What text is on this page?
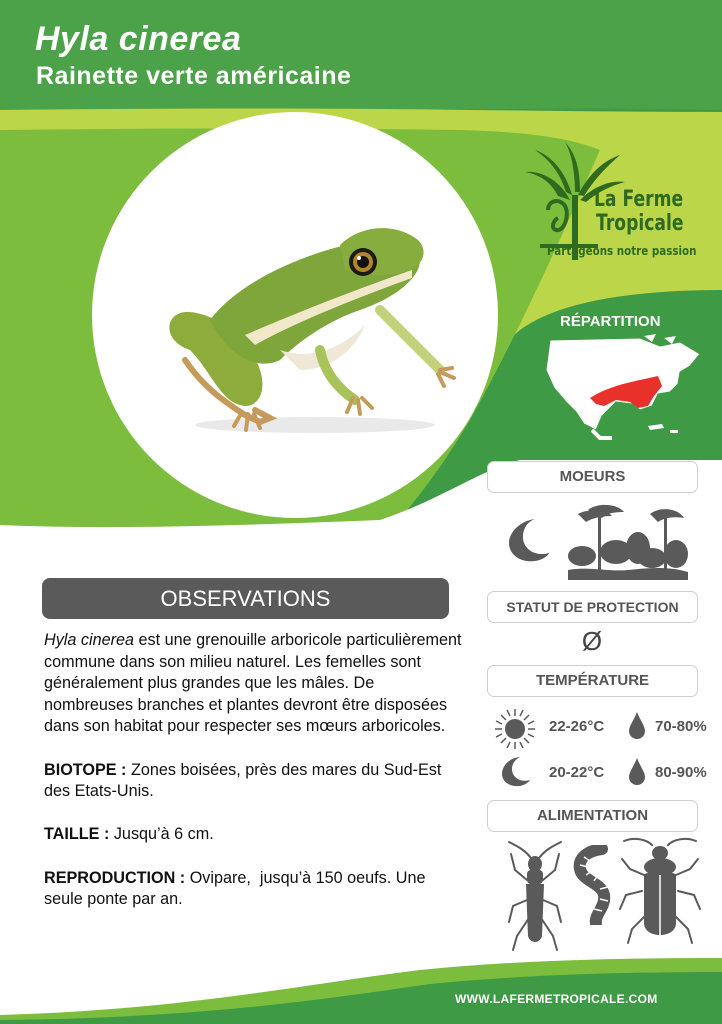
Hyla cinerea
Rainette verte américaine
La Ferme
Tropicale
Partageons notre passion
RÉPARTITION
MOEURS
STATUT DE PROTECTION
Ø
TEMPÉRATURE
22-26°C	70-80%
20-22°C	80-90%
ALIMENTATION
OBSERVATIONS

Hyla cinerea est une grenouille arboricole particulièrement commune dans son milieu naturel. Les femelles sont généralement plus grandes que les mâles. De nombreuses branches et plantes devront être disposées dans son habitat pour respecter ses mœurs arboricoles.

BIOTOPE : Zones boisées, près des mares du Sud-Est des Etats-Unis.

TAILLE : Jusqu’à 6 cm.

REPRODUCTION : Ovipare,  jusqu’à 150 oeufs. Une seule ponte par an.

WWW.LAFERMETROPICALE.COM
